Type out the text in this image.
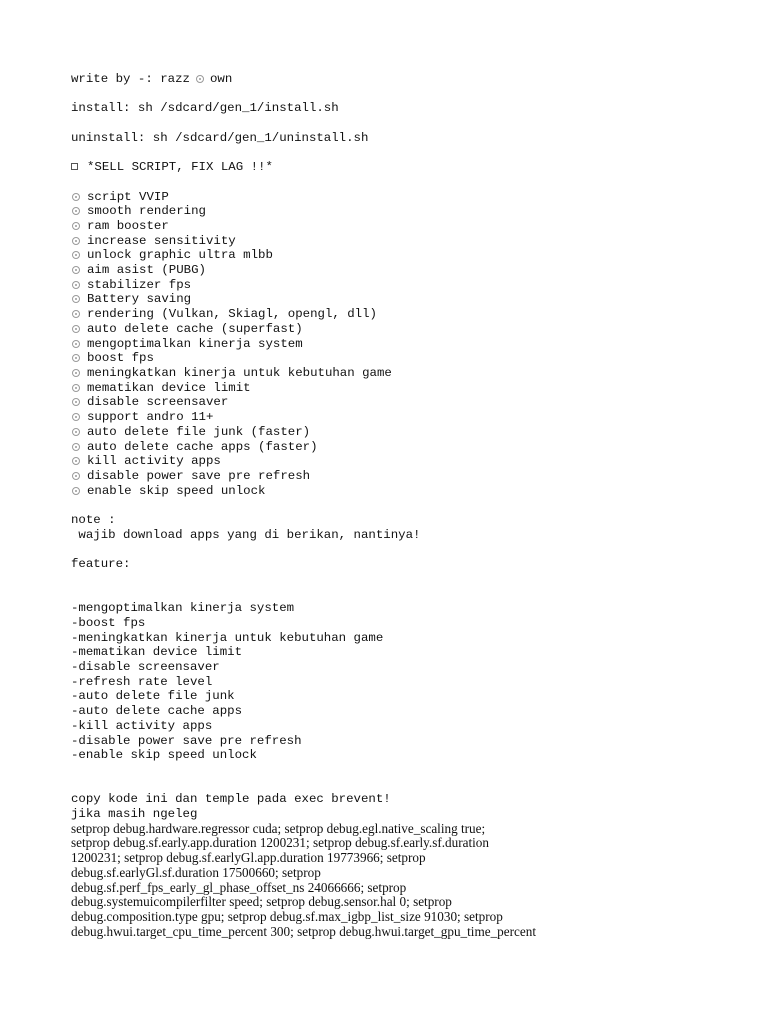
write by -: razz own
install: sh /sdcard/gen_1/install.sh
uninstall: sh /sdcard/gen_1/uninstall.sh
*SELL SCRIPT, FIX LAG !!*
script VVIP
smooth rendering
ram booster
increase sensitivity
unlock graphic ultra mlbb
aim asist (PUBG)
stabilizer fps
Battery saving
rendering (Vulkan, Skiagl, opengl, dll)
auto delete cache (superfast)
mengoptimalkan kinerja system
boost fps
meningkatkan kinerja untuk kebutuhan game
mematikan device limit
disable screensaver
support andro 11+
auto delete file junk (faster)
auto delete cache apps (faster)
kill activity apps
disable power save pre refresh
enable skip speed unlock
note :
wajib download apps yang di berikan, nantinya!
feature:
-mengoptimalkan kinerja system
-boost fps
-meningkatkan kinerja untuk kebutuhan game
-mematikan device limit
-disable screensaver
-refresh rate level
-auto delete file junk
-auto delete cache apps
-kill activity apps
-disable power save pre refresh
-enable skip speed unlock
copy kode ini dan temple pada exec brevent!
jika masih ngeleg
setprop debug.hardware.regressor cuda; setprop debug.egl.native_scaling true;
setprop debug.sf.early.app.duration 1200231; setprop debug.sf.early.sf.duration
1200231; setprop debug.sf.earlyGl.app.duration 19773966; setprop
debug.sf.earlyGl.sf.duration 17500660; setprop
debug.sf.perf_fps_early_gl_phase_offset_ns 24066666; setprop
debug.systemuicompilerfilter speed; setprop debug.sensor.hal 0; setprop
debug.composition.type gpu; setprop debug.sf.max_igbp_list_size 91030; setprop
debug.hwui.target_cpu_time_percent 300; setprop debug.hwui.target_gpu_time_percent
